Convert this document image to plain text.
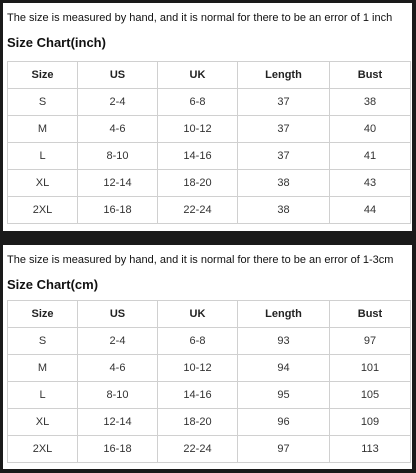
The size is measured by hand, and it is normal for there to be an error of 1 inch
Size Chart(inch)
Size	US	UK	Length	Bust
S	2-4	6-8	37	38
M	4-6	10-12	37	40
L	8-10	14-16	37	41
XL	12-14	18-20	38	43
2XL	16-18	22-24	38	44
The size is measured by hand, and it is normal for there to be an error of 1-3cm
Size Chart(cm)
Size	US	UK	Length	Bust
S	2-4	6-8	93	97
M	4-6	10-12	94	101
L	8-10	14-16	95	105
XL	12-14	18-20	96	109
2XL	16-18	22-24	97	113
